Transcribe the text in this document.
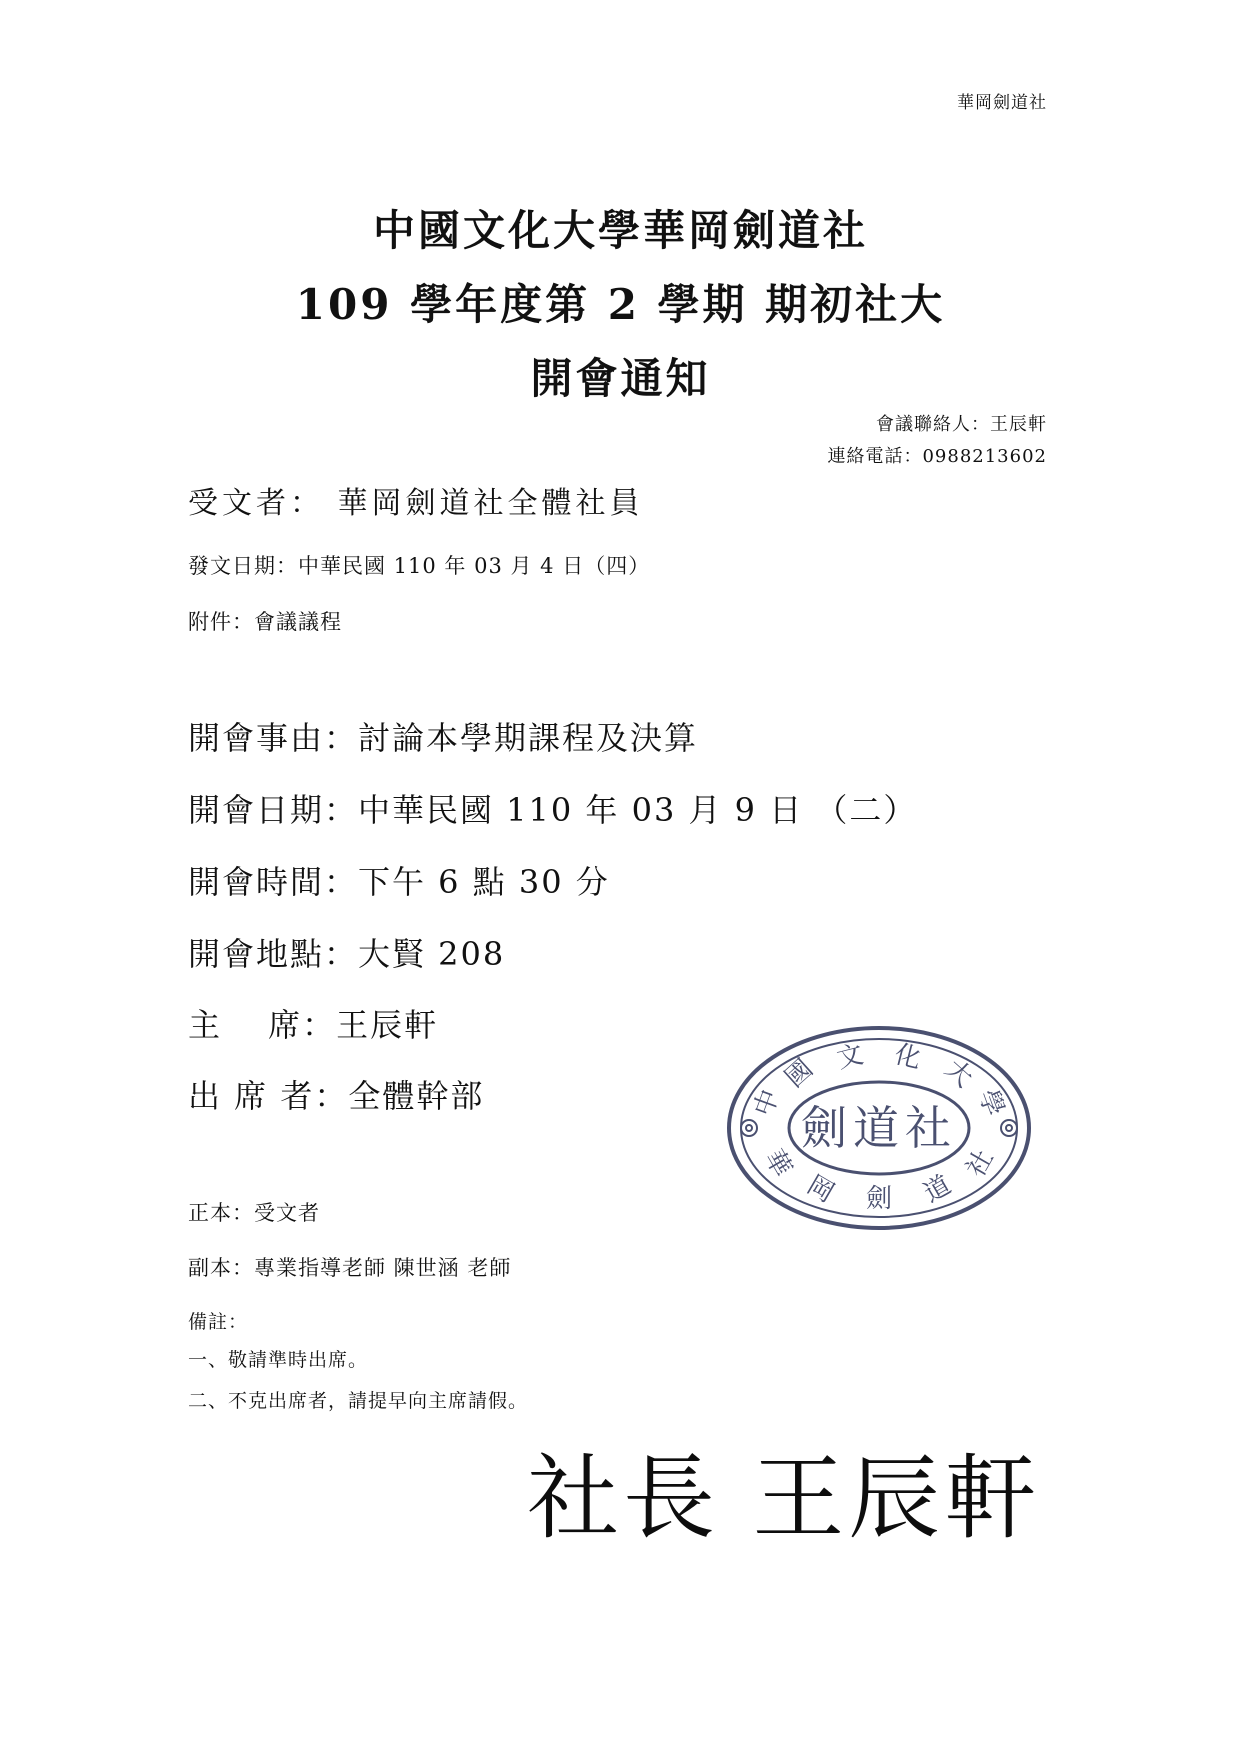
華岡劍道社
中國文化大學華岡劍道社
109 學年度第 2 學期 期初社大
開會通知
會議聯絡人：王辰軒
連絡電話：0988213602
受文者： 華岡劍道社全體社員
發文日期：中華民國 110 年 03 月 4 日（四）
附件：會議議程
開會事由：討論本學期課程及決算
開會日期：中華民國 110 年 03 月 9 日 （二）
開會時間：下午 6 點 30 分
開會地點：大賢 208
主　 席：王辰軒
出 席 者：全體幹部
劍道社
中
國 文 化 大
學
華
岡 劍 道
社
正本：受文者
副本：專業指導老師 陳世涵 老師
備註：
一、敬請準時出席。
二、不克出席者，請提早向主席請假。
社長 王辰軒
